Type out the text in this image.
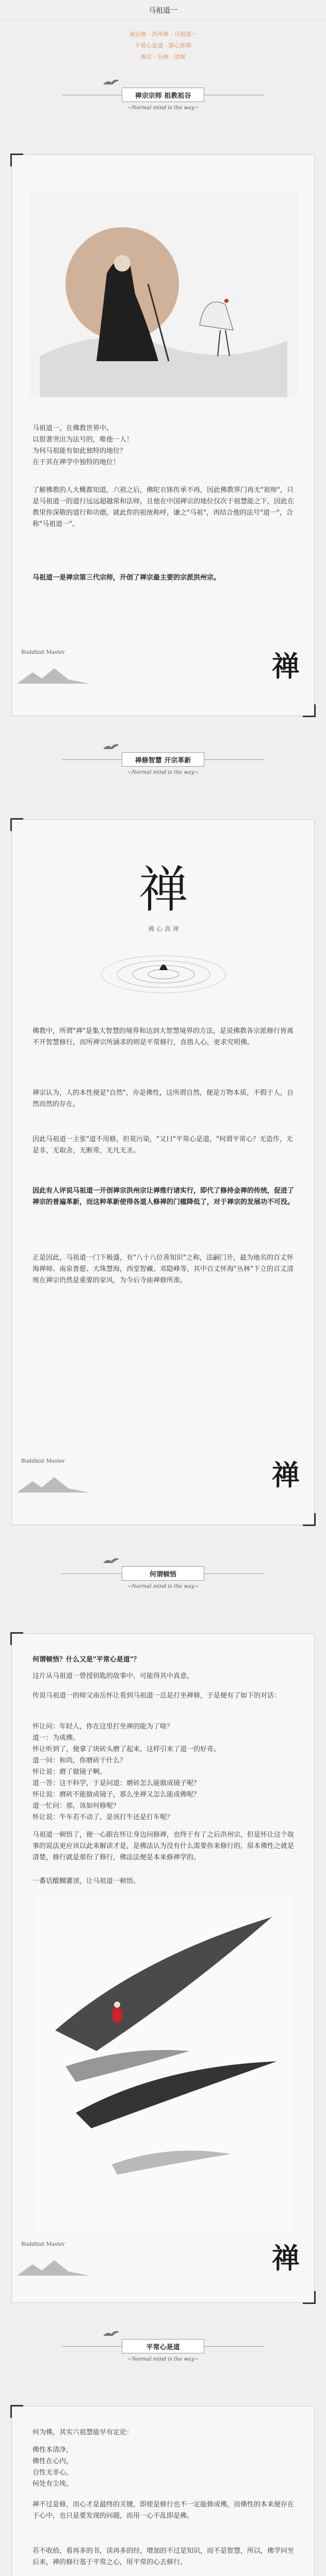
马祖道一
南宗禅 · 洪州禅 · 马祖道一
平常心是道 · 即心即佛
禅宗 · 丛林 · 清规
禅宗宗师 祖教祖谷
~Normal mind is the way~
马祖道一，在佛教世界中。
以很著突出为法号的，唯他一人！
为何马祖能有如此独特的地位？
在于其在禅学中独特的地位！
了解佛教的人大概都知道，六祖之后，佛陀衣钵传承不再，因此佛教界门再无"祖师"，只是马祖道一的道行远远超越常和法师，且他在中国禅宗的地位仅次于祖慧能之下，因此在教里你深敬的道行和功德，就此你的祖统称呼，谦之"马祖"，再结合他的法号"道一"，合称"马祖道一"。
马祖道一是禅宗第三代宗师，开创了禅宗最主要的宗派洪州宗。
Buddhist Master	禅
禅修智慧 开宗革新
~Normal mind is the way~
禅
佛 心 真 禅
佛教中，所谓"禅"是集大智慧的境界和达到大智慧境界的方法，是说佛教各宗派修行皆离不开智慧修行，而所禅宗所涵求的则是平常修行，直指人心，更求究明佛。
禅宗认为，人的本性便是"自然"，亦是佛性，这所谓自然，便是万物本质，不假于人，自然而然的存在。
因此马祖道一主张"道不用修，但莫污染，"又曰"平常心是道，"何谓平常心？无造作，无是非，无取舍，无断常，无凡无圣。
因此有人评说马祖道一开创禅宗洪州宗让禅维行诸实行，即代了修持金禅的传统，促进了禅宗的普遍革新，而这种革新使得各道人修禅的门槛降低了，对于禅宗的发展功不可没。
正是因此，马祖道一门下极盛，有"八十八位善知识"之称，法嗣门开，最为地名的百丈怀海禅师、南泉普愿、大珠慧海，西堂智藏、邓隐峰等，其中百丈怀海"丛林"下立的百丈清规在禅宗仍然是重要的家风，为今后寺庙禅修所准。
Buddhist Master	禅
何谓顿悟
~Normal mind is the way~
何谓顿悟？什么又是"平常心是道"？
这片从马祖道一曾授钥匙的故事中，可能得其中真意。
传说马祖道一的师父南岳怀让看到马祖道一总是打坐禅修，于是便有了如下的对话：
怀让问：年轻人，你在这里打坐禅的能为了啥？
道一：为成佛。
怀让听到了，便拿了块砖头磨了起来，这样引来了道一的好奇。
道一问：和尚，你磨砖干什么？
怀让说：磨了做镜子啊。
道一答：这不科学，于是问道：磨砖怎么能做成镜子呢？
怀让说：磨砖不能做成镜子，那么坐禅又怎么能成佛呢？
道一忙问：那，该如何修呢？
怀让说：牛车若不动了，是该打牛还是打车呢？
马祖道一顿悟了，便一心跟在怀让身边问修禅，也终于有了之后洪州宗，但是怀让这个故事的说法更应该以此来解读才是，是佛法认为没有什么需要你来修行的，原本佛性之就是清楚，修行就是那份了修行，佛法法便是本来修禅学的。
一番话醍醐灌顶，让马祖道一顿悟。
Buddhist Master	禅
平常心是道
~Normal mind is the way~
何为佛，其实六祖慧能早有定论：
佛性本清净，
佛性在心内，
自性无非心，
何处有尘埃。
禅不过是修，而心才是最终的关键，即使是修行也不一定能修成佛，而佛性的本来便存在于心中，也只是要发现的问题，而用一心不乱即是佛。
若不收拾，看再多的书，读再多的经，增加的不过是知识，而不是智慧，所以，佛学问至后来，禅的修行基于平常之心，用平常的心去修行。
